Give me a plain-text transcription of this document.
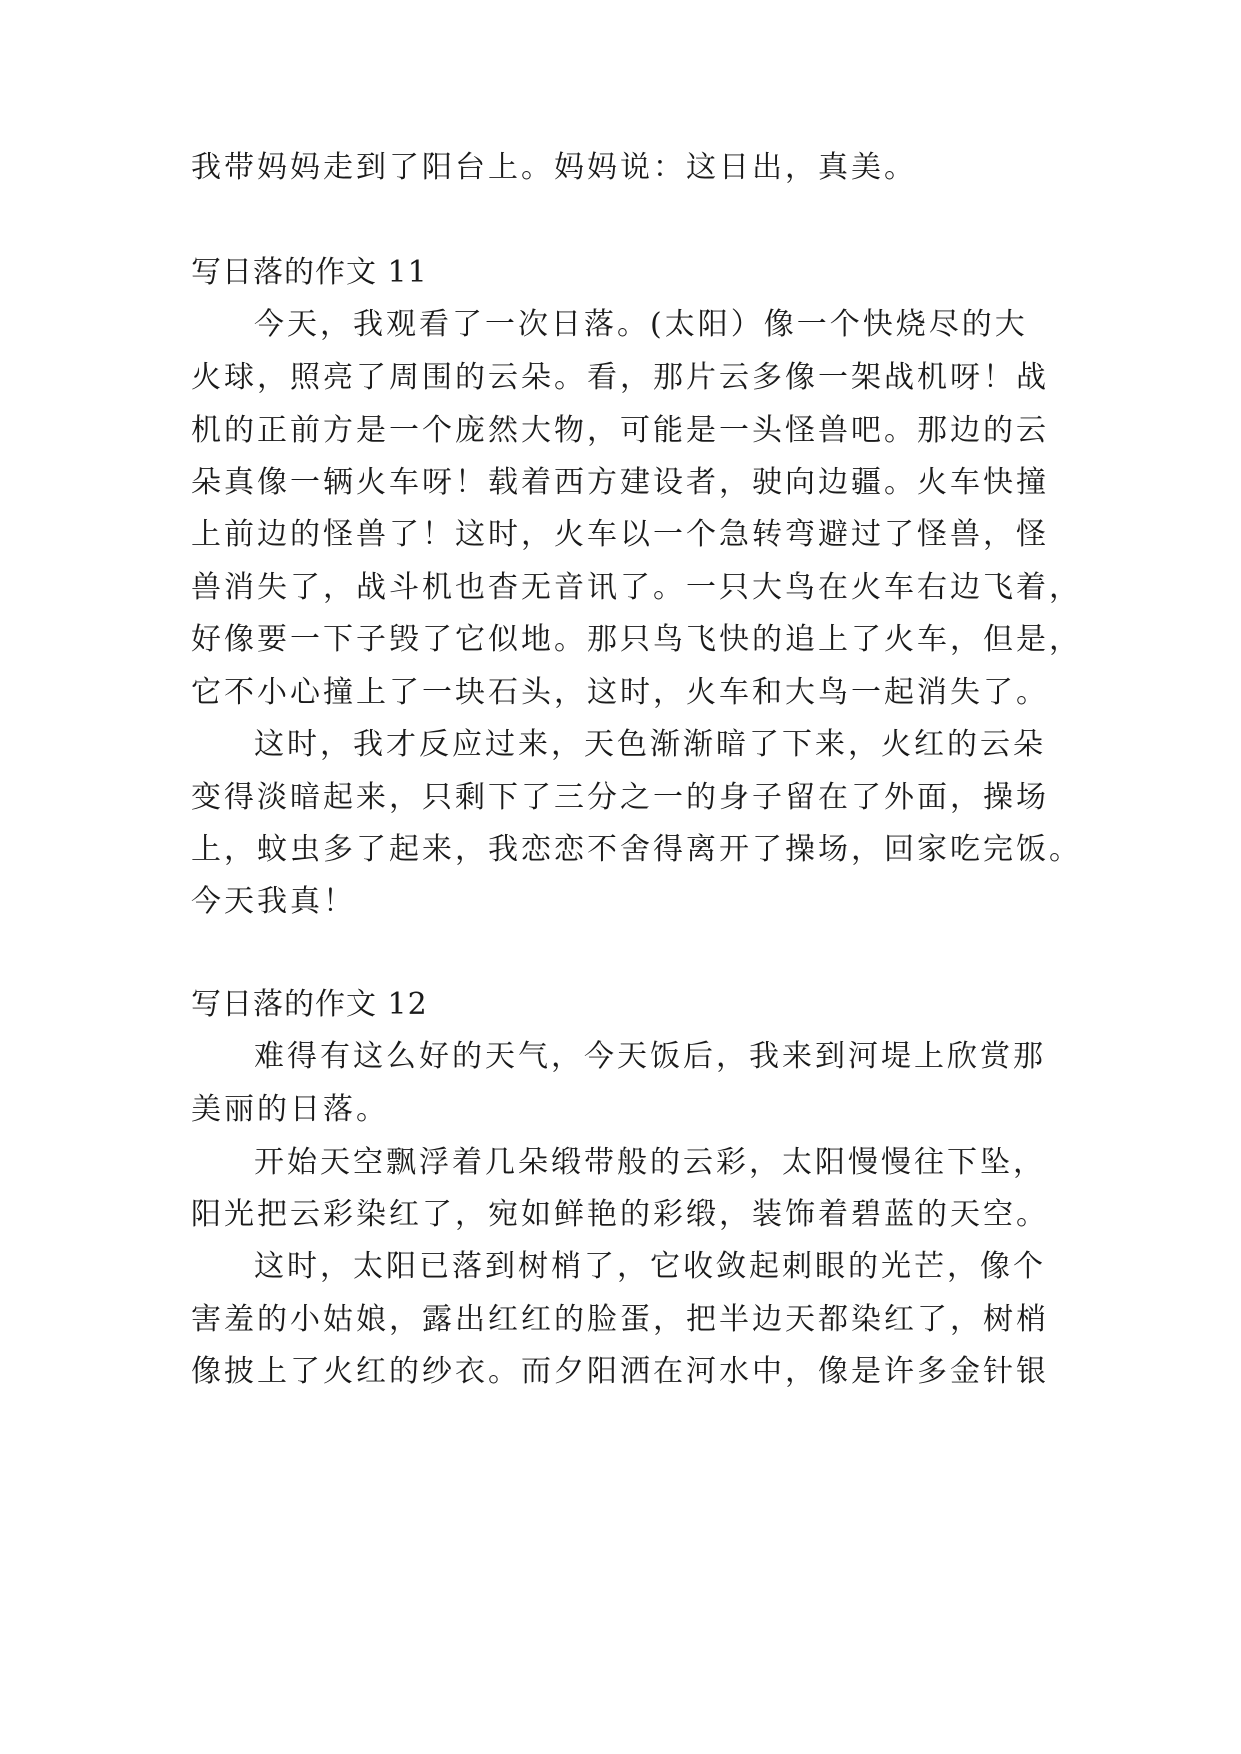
我带妈妈走到了阳台上。妈妈说：这日出，真美。

写日落的作文 11

今天，我观看了一次日落。(太阳）像一个快烧尽的大

火球，照亮了周围的云朵。看，那片云多像一架战机呀！战

机的正前方是一个庞然大物，可能是一头怪兽吧。那边的云

朵真像一辆火车呀！载着西方建设者，驶向边疆。火车快撞

上前边的怪兽了！这时，火车以一个急转弯避过了怪兽，怪

兽消失了，战斗机也杳无音讯了。一只大鸟在火车右边飞着，

好像要一下子毁了它似地。那只鸟飞快的追上了火车，但是，

它不小心撞上了一块石头，这时，火车和大鸟一起消失了。

这时，我才反应过来，天色渐渐暗了下来，火红的云朵

变得淡暗起来，只剩下了三分之一的身子留在了外面，操场

上，蚊虫多了起来，我恋恋不舍得离开了操场，回家吃完饭。

今天我真！

写日落的作文 12

难得有这么好的天气，今天饭后，我来到河堤上欣赏那

美丽的日落。

开始天空飘浮着几朵缎带般的云彩，太阳慢慢往下坠，

阳光把云彩染红了，宛如鲜艳的彩缎，装饰着碧蓝的天空。

这时，太阳已落到树梢了，它收敛起刺眼的光芒，像个

害羞的小姑娘，露出红红的脸蛋，把半边天都染红了，树梢

像披上了火红的纱衣。而夕阳洒在河水中，像是许多金针银
